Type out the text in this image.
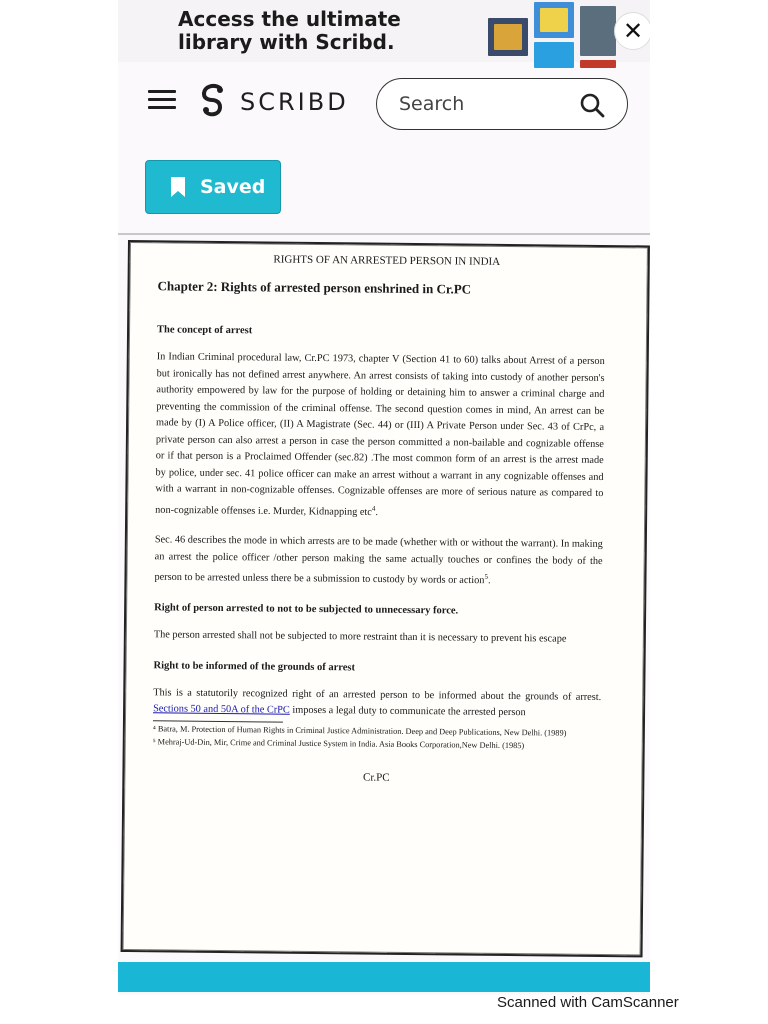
Access the ultimate library with Scribd.	✕
SCRIBD
Search
Saved
RIGHTS OF AN ARRESTED PERSON IN INDIA
Chapter 2: Rights of arrested person enshrined in Cr.PC
The concept of arrest
In Indian Criminal procedural law, Cr.PC 1973, chapter V (Section 41 to 60) talks about Arrest of a person but ironically has not defined arrest anywhere. An arrest consists of taking into custody of another person's authority empowered by law for the purpose of holding or detaining him to answer a criminal charge and preventing the commission of the criminal offense. The second question comes in mind, An arrest can be made by (I) A Police officer, (II) A Magistrate (Sec. 44) or (III) A Private Person under Sec. 43 of CrPc, a private person can also arrest a person in case the person committed a non-bailable and cognizable offense or if that person is a Proclaimed Offender (sec.82) .The most common form of an arrest is the arrest made by police, under sec. 41 police officer can make an arrest without a warrant in any cognizable offenses and with a warrant in non-cognizable offenses. Cognizable offenses are more of serious nature as compared to non-cognizable offenses i.e. Murder, Kidnapping etc$^4$.
Sec. 46 describes the mode in which arrests are to be made (whether with or without the warrant). In making an arrest the police officer /other person making the same actually touches or confines the body of the person to be arrested unless there be a submission to custody by words or action$^5$.
Right of person arrested to not to be subjected to unnecessary force.
The person arrested shall not be subjected to more restraint than it is necessary to prevent his escape
Right to be informed of the grounds of arrest
This is a statutorily recognized right of an arrested person to be informed about the grounds of arrest. Sections 50 and 50A of the CrPC imposes a legal duty to communicate the arrested person
⁴ Batra, M. Protection of Human Rights in Criminal Justice Administration. Deep and Deep Publications, New Delhi. (1989)
⁵ Mehraj-Ud-Din, Mir, Crime and Criminal Justice System in India. Asia Books Corporation,New Delhi. (1985)
Cr.PC
Scanned with CamScanner
